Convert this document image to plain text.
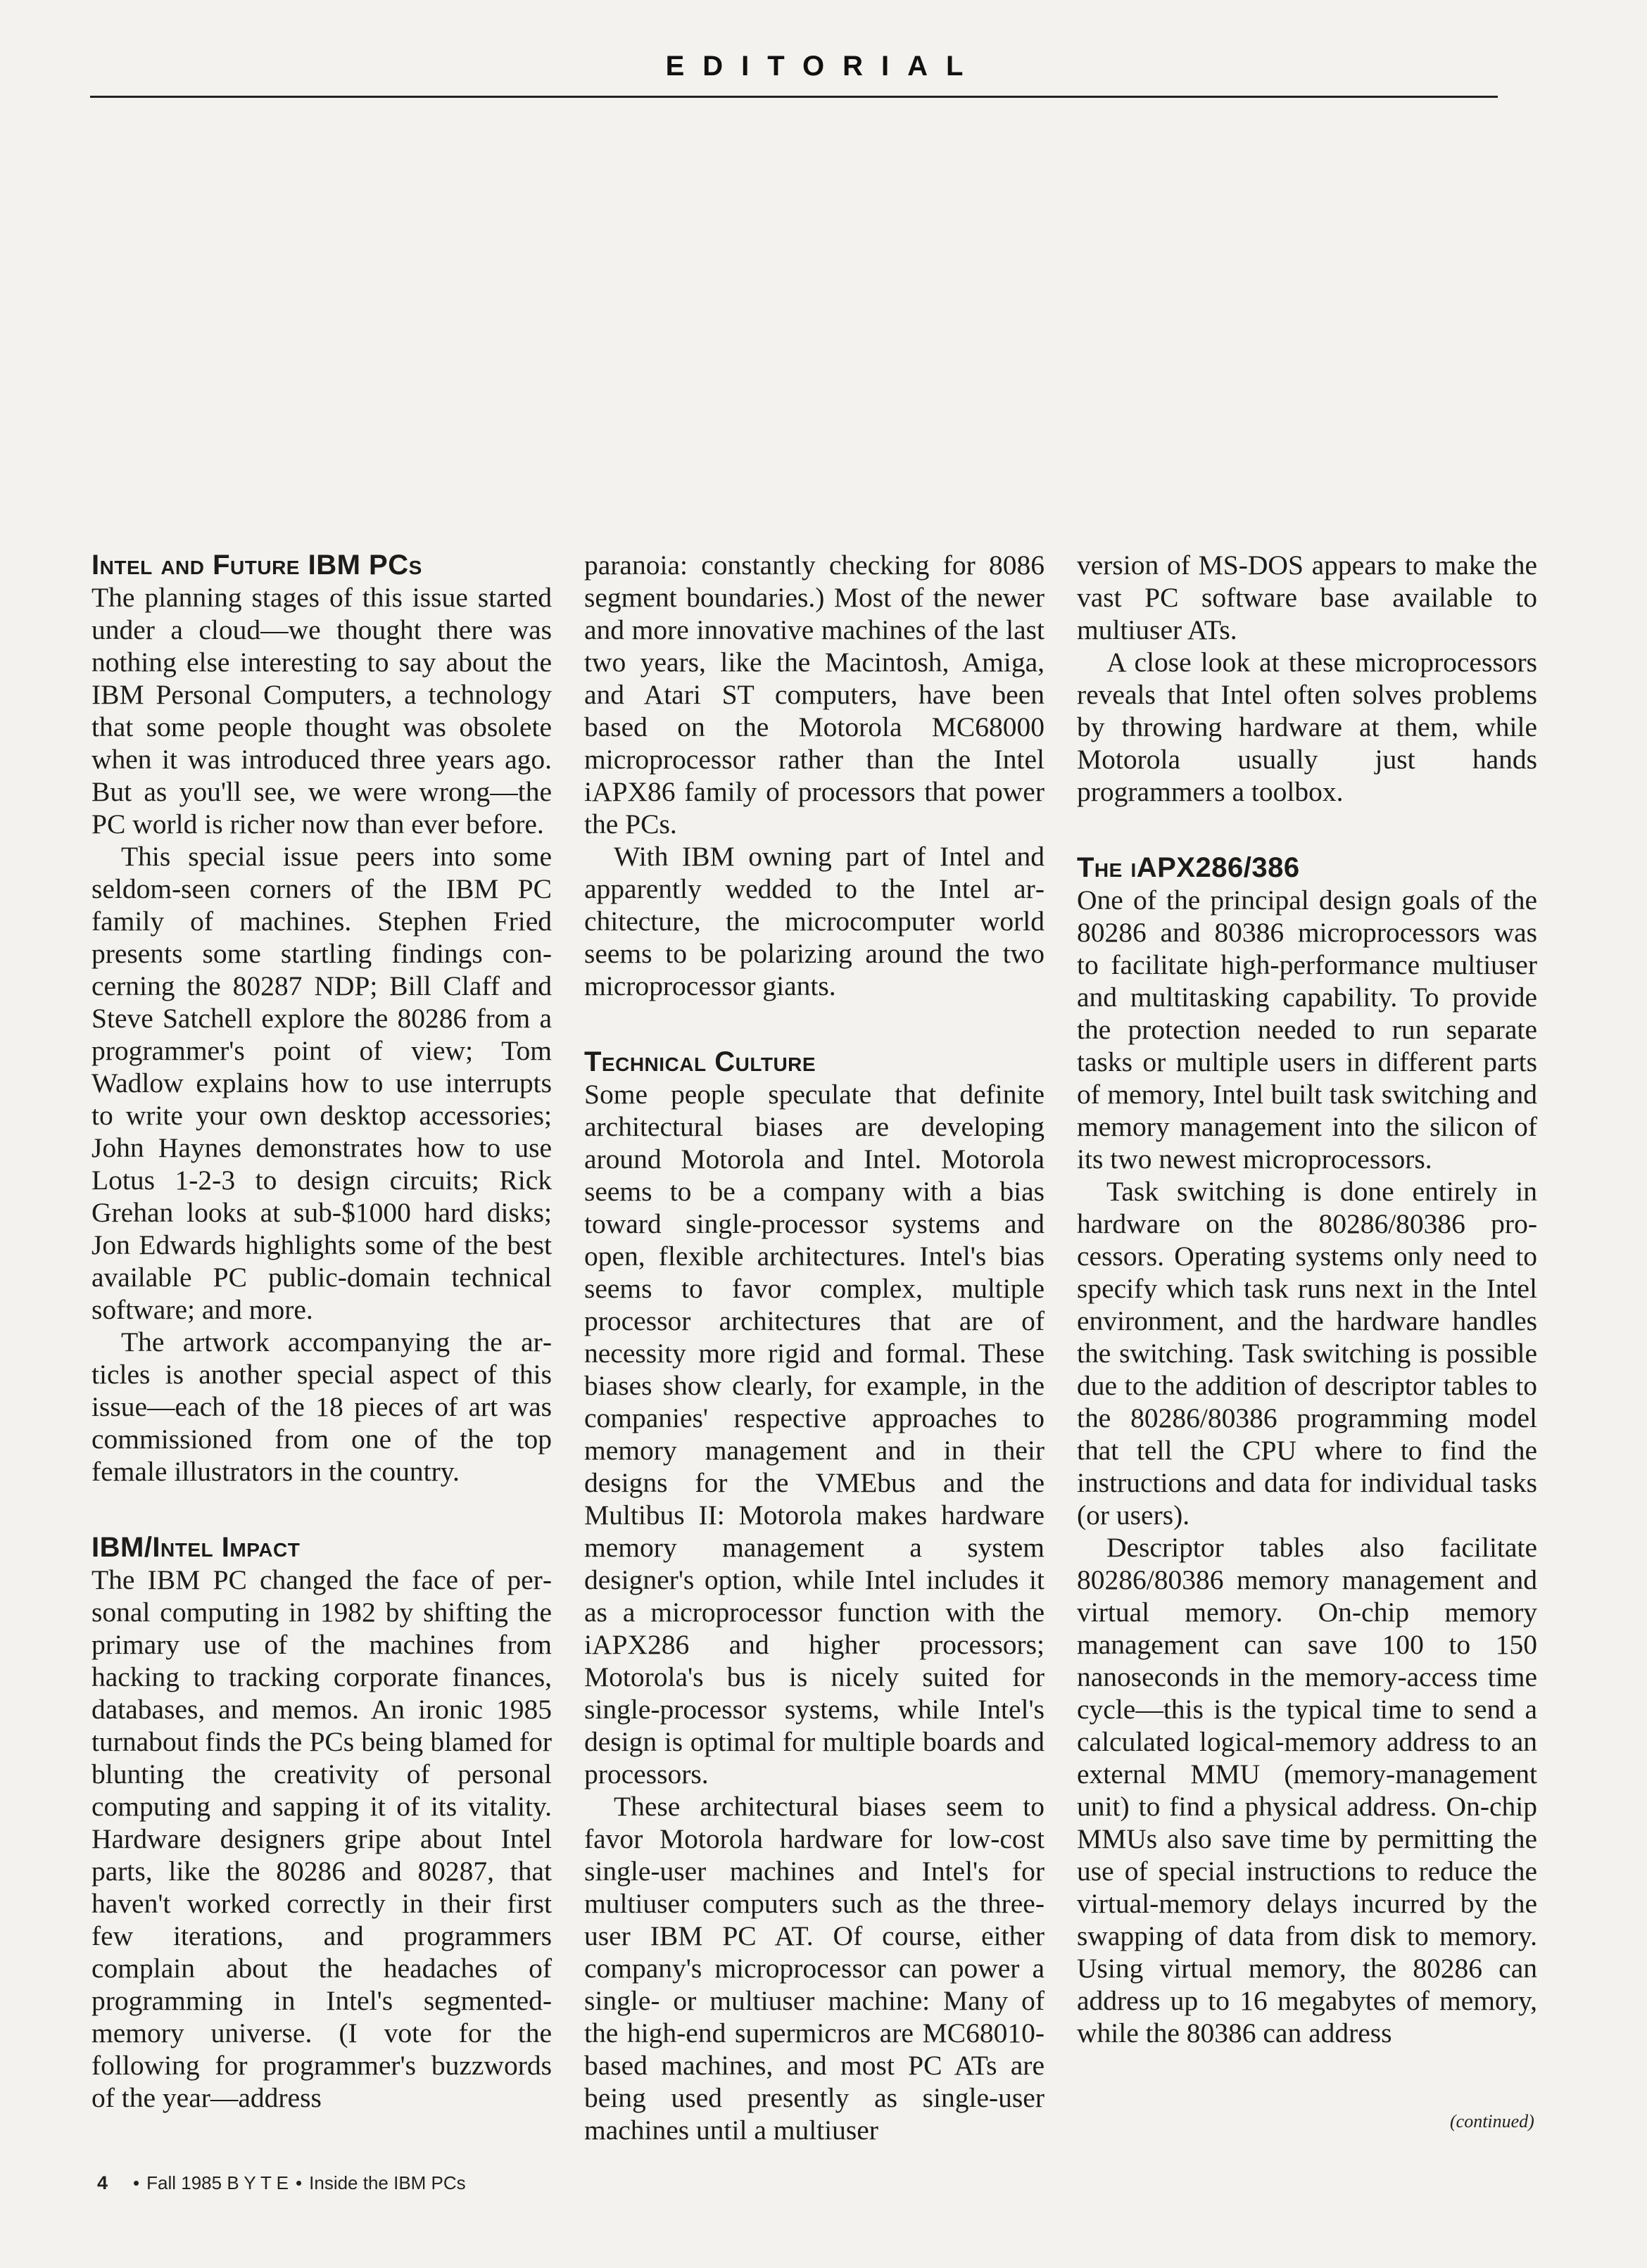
EDITORIAL

Intel and Future IBM PCs

The planning stages of this issue started under a cloud—we thought there was nothing else interesting to say about the IBM Personal Computers, a technology that some people thought was obsolete when it was introduced three years ago. But as you'll see, we were wrong—the PC world is richer now than ever before.

This special issue peers into some seldom-seen corners of the IBM PC family of machines. Stephen Fried presents some startling findings concerning the 80287 NDP; Bill Claff and Steve Satchell explore the 80286 from a programmer's point of view; Tom Wadlow explains how to use interrupts to write your own desktop accessories; John Haynes demonstrates how to use Lotus 1-2-3 to design circuits; Rick Grehan looks at sub-$1000 hard disks; Jon Edwards highlights some of the best available PC public-domain technical software; and more.

The artwork accompanying the articles is another special aspect of this issue—each of the 18 pieces of art was commissioned from one of the top female illustrators in the country.

IBM/Intel Impact

The IBM PC changed the face of personal computing in 1982 by shifting the primary use of the machines from hacking to tracking corporate finances, databases, and memos. An ironic 1985 turnabout finds the PCs being blamed for blunting the creativity of personal computing and sapping it of its vitality. Hardware designers gripe about Intel parts, like the 80286 and 80287, that haven't worked correctly in their first few iterations, and programmers complain about the headaches of programming in Intel's segmented-memory universe. (I vote for the following for programmer's buzzwords of the year—address

paranoia: constantly checking for 8086 segment boundaries.) Most of the newer and more innovative machines of the last two years, like the Macintosh, Amiga, and Atari ST computers, have been based on the Motorola MC68000 microprocessor rather than the Intel iAPX86 family of processors that power the PCs.

With IBM owning part of Intel and apparently wedded to the Intel architecture, the microcomputer world seems to be polarizing around the two microprocessor giants.

Technical Culture

Some people speculate that definite architectural biases are developing around Motorola and Intel. Motorola seems to be a company with a bias toward single-processor systems and open, flexible architectures. Intel's bias seems to favor complex, multiple processor architectures that are of necessity more rigid and formal. These biases show clearly, for example, in the companies' respective approaches to memory management and in their designs for the VMEbus and the Multibus II: Motorola makes hardware memory management a system designer's option, while Intel includes it as a microprocessor function with the iAPX286 and higher processors; Motorola's bus is nicely suited for single-processor systems, while Intel's design is optimal for multiple boards and processors.

These architectural biases seem to favor Motorola hardware for low-cost single-user machines and Intel's for multiuser computers such as the three-user IBM PC AT. Of course, either company's microprocessor can power a single- or multiuser machine: Many of the high-end supermicros are MC68010-based machines, and most PC ATs are being used presently as single-user machines until a multiuser

version of MS-DOS appears to make the vast PC software base available to multiuser ATs.

A close look at these microprocessors reveals that Intel often solves problems by throwing hardware at them, while Motorola usually just hands programmers a toolbox.

The iAPX286/386

One of the principal design goals of the 80286 and 80386 microprocessors was to facilitate high-performance multiuser and multitasking capability. To provide the protection needed to run separate tasks or multiple users in different parts of memory, Intel built task switching and memory management into the silicon of its two newest microprocessors.

Task switching is done entirely in hardware on the 80286/80386 processors. Operating systems only need to specify which task runs next in the Intel environment, and the hardware handles the switching. Task switching is possible due to the addition of descriptor tables to the 80286/80386 programming model that tell the CPU where to find the instructions and data for individual tasks (or users).

Descriptor tables also facilitate 80286/80386 memory management and virtual memory. On-chip memory management can save 100 to 150 nanoseconds in the memory-access time cycle—this is the typical time to send a calculated logical-memory address to an external MMU (memory-management unit) to find a physical address. On-chip MMUs also save time by permitting the use of special instructions to reduce the virtual-memory delays incurred by the swapping of data from disk to memory. Using virtual memory, the 80286 can address up to 16 megabytes of memory, while the 80386 can address

(continued)
4 • Fall 1985 B Y T E • Inside the IBM PCs
